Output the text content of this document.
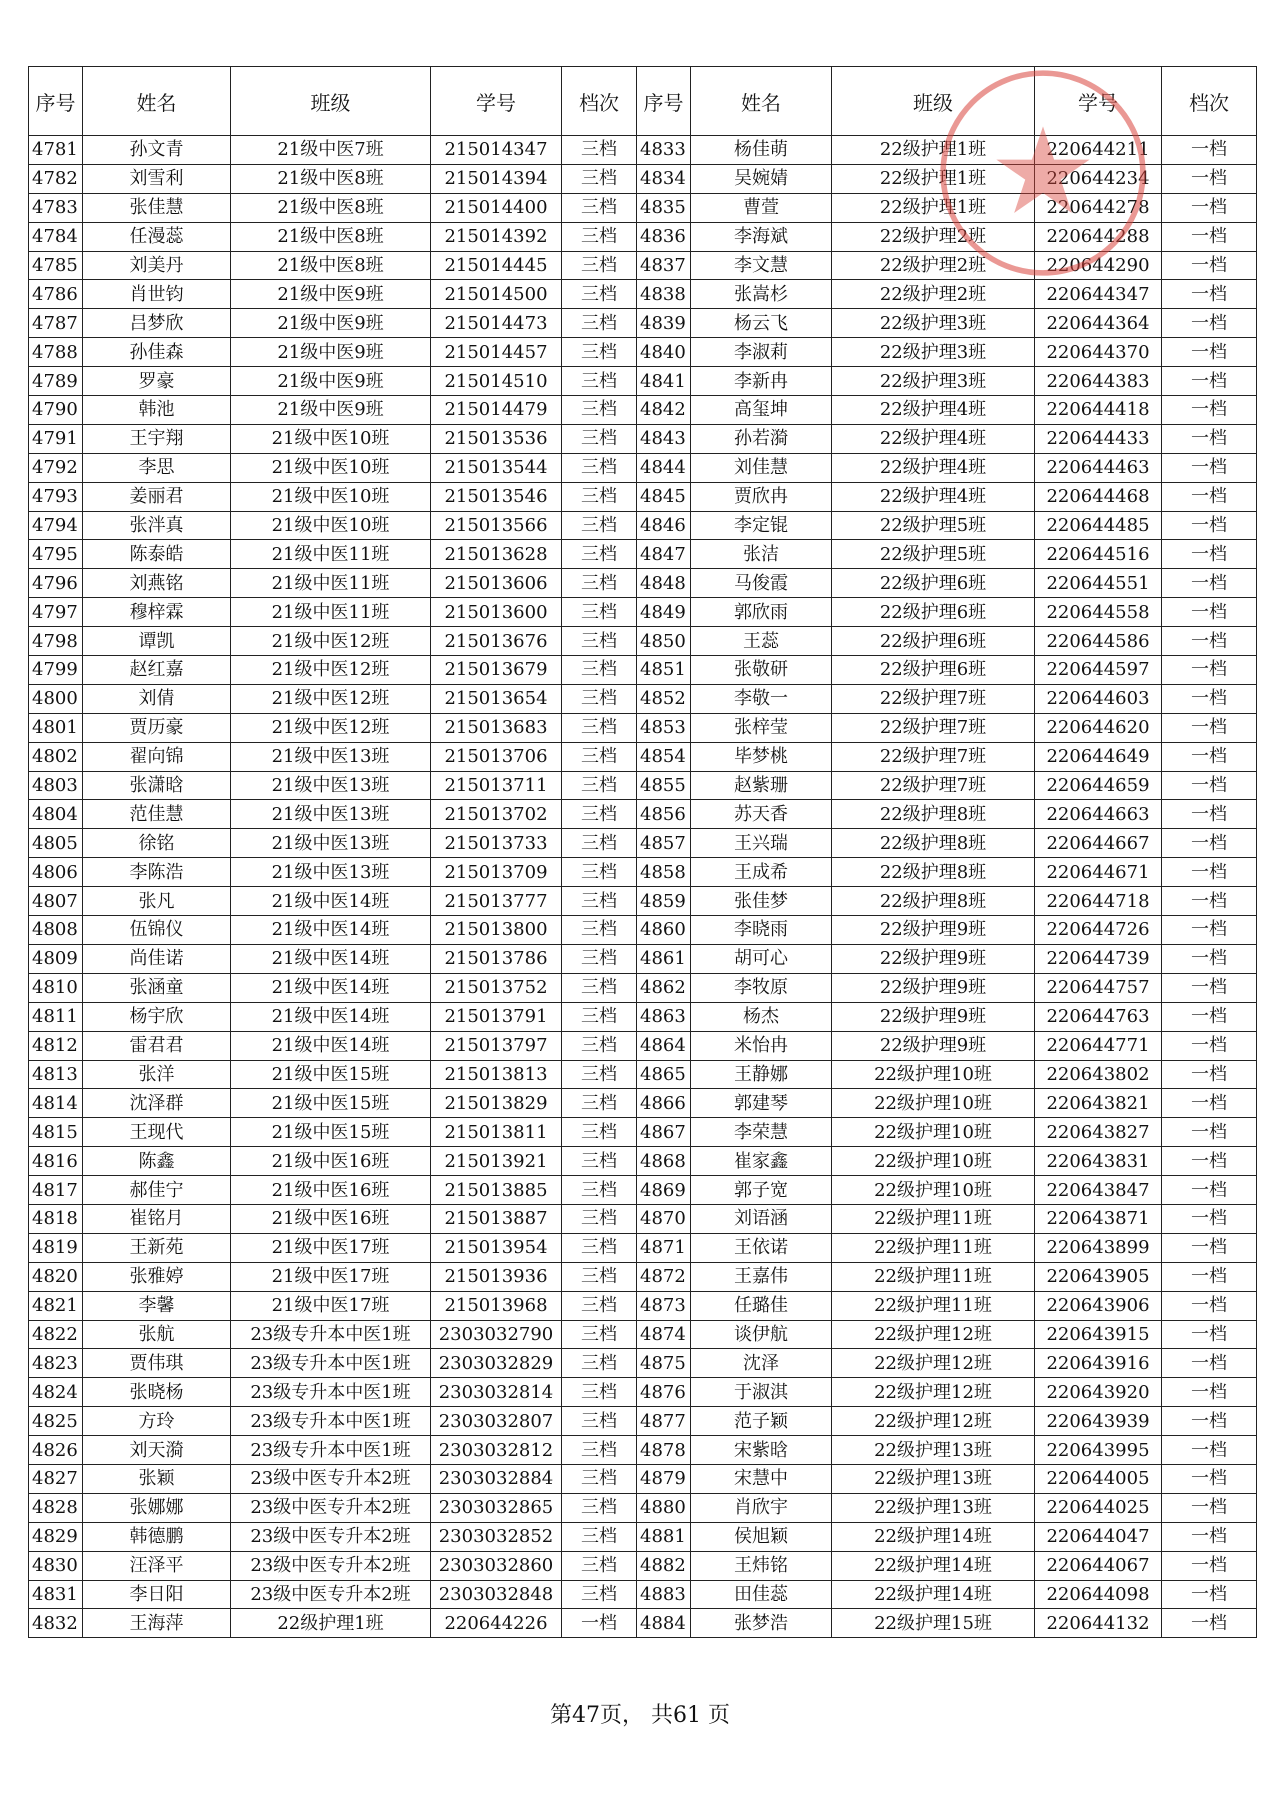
序号	姓名	班级	学号	档次	序号	姓名	班级	学号	档次
4781	孙文青	21级中医7班	215014347	三档	4833	杨佳萌	22级护理1班	220644211	一档
4782	刘雪利	21级中医8班	215014394	三档	4834	吴婉婧	22级护理1班	220644234	一档
4783	张佳慧	21级中医8班	215014400	三档	4835	曹萱	22级护理1班	220644278	一档
4784	任漫蕊	21级中医8班	215014392	三档	4836	李海斌	22级护理2班	220644288	一档
4785	刘美丹	21级中医8班	215014445	三档	4837	李文慧	22级护理2班	220644290	一档
4786	肖世钧	21级中医9班	215014500	三档	4838	张嵩杉	22级护理2班	220644347	一档
4787	吕梦欣	21级中医9班	215014473	三档	4839	杨云飞	22级护理3班	220644364	一档
4788	孙佳森	21级中医9班	215014457	三档	4840	李淑莉	22级护理3班	220644370	一档
4789	罗豪	21级中医9班	215014510	三档	4841	李新冉	22级护理3班	220644383	一档
4790	韩池	21级中医9班	215014479	三档	4842	高玺坤	22级护理4班	220644418	一档
4791	王宇翔	21级中医10班	215013536	三档	4843	孙若漪	22级护理4班	220644433	一档
4792	李思	21级中医10班	215013544	三档	4844	刘佳慧	22级护理4班	220644463	一档
4793	姜丽君	21级中医10班	215013546	三档	4845	贾欣冉	22级护理4班	220644468	一档
4794	张泮真	21级中医10班	215013566	三档	4846	李定锟	22级护理5班	220644485	一档
4795	陈泰皓	21级中医11班	215013628	三档	4847	张洁	22级护理5班	220644516	一档
4796	刘燕铭	21级中医11班	215013606	三档	4848	马俊霞	22级护理6班	220644551	一档
4797	穆梓霖	21级中医11班	215013600	三档	4849	郭欣雨	22级护理6班	220644558	一档
4798	谭凯	21级中医12班	215013676	三档	4850	王蕊	22级护理6班	220644586	一档
4799	赵红嘉	21级中医12班	215013679	三档	4851	张敬研	22级护理6班	220644597	一档
4800	刘倩	21级中医12班	215013654	三档	4852	李敬一	22级护理7班	220644603	一档
4801	贾历豪	21级中医12班	215013683	三档	4853	张梓莹	22级护理7班	220644620	一档
4802	翟向锦	21级中医13班	215013706	三档	4854	毕梦桃	22级护理7班	220644649	一档
4803	张潇晗	21级中医13班	215013711	三档	4855	赵紫珊	22级护理7班	220644659	一档
4804	范佳慧	21级中医13班	215013702	三档	4856	苏天香	22级护理8班	220644663	一档
4805	徐铭	21级中医13班	215013733	三档	4857	王兴瑞	22级护理8班	220644667	一档
4806	李陈浩	21级中医13班	215013709	三档	4858	王成希	22级护理8班	220644671	一档
4807	张凡	21级中医14班	215013777	三档	4859	张佳梦	22级护理8班	220644718	一档
4808	伍锦仪	21级中医14班	215013800	三档	4860	李晓雨	22级护理9班	220644726	一档
4809	尚佳诺	21级中医14班	215013786	三档	4861	胡可心	22级护理9班	220644739	一档
4810	张涵童	21级中医14班	215013752	三档	4862	李牧原	22级护理9班	220644757	一档
4811	杨宇欣	21级中医14班	215013791	三档	4863	杨杰	22级护理9班	220644763	一档
4812	雷君君	21级中医14班	215013797	三档	4864	米怡冉	22级护理9班	220644771	一档
4813	张洋	21级中医15班	215013813	三档	4865	王静娜	22级护理10班	220643802	一档
4814	沈泽群	21级中医15班	215013829	三档	4866	郭建琴	22级护理10班	220643821	一档
4815	王现代	21级中医15班	215013811	三档	4867	李荣慧	22级护理10班	220643827	一档
4816	陈鑫	21级中医16班	215013921	三档	4868	崔家鑫	22级护理10班	220643831	一档
4817	郝佳宁	21级中医16班	215013885	三档	4869	郭子宽	22级护理10班	220643847	一档
4818	崔铭月	21级中医16班	215013887	三档	4870	刘语涵	22级护理11班	220643871	一档
4819	王新苑	21级中医17班	215013954	三档	4871	王依诺	22级护理11班	220643899	一档
4820	张雅婷	21级中医17班	215013936	三档	4872	王嘉伟	22级护理11班	220643905	一档
4821	李馨	21级中医17班	215013968	三档	4873	任璐佳	22级护理11班	220643906	一档
4822	张航	23级专升本中医1班	2303032790	三档	4874	谈伊航	22级护理12班	220643915	一档
4823	贾伟琪	23级专升本中医1班	2303032829	三档	4875	沈泽	22级护理12班	220643916	一档
4824	张晓杨	23级专升本中医1班	2303032814	三档	4876	于淑淇	22级护理12班	220643920	一档
4825	方玲	23级专升本中医1班	2303032807	三档	4877	范子颖	22级护理12班	220643939	一档
4826	刘天漪	23级专升本中医1班	2303032812	三档	4878	宋紫晗	22级护理13班	220643995	一档
4827	张颖	23级中医专升本2班	2303032884	三档	4879	宋慧中	22级护理13班	220644005	一档
4828	张娜娜	23级中医专升本2班	2303032865	三档	4880	肖欣宇	22级护理13班	220644025	一档
4829	韩德鹏	23级中医专升本2班	2303032852	三档	4881	侯旭颖	22级护理14班	220644047	一档
4830	汪泽平	23级中医专升本2班	2303032860	三档	4882	王炜铭	22级护理14班	220644067	一档
4831	李日阳	23级中医专升本2班	2303032848	三档	4883	田佳蕊	22级护理14班	220644098	一档
4832	王海萍	22级护理1班	220644226	一档	4884	张梦浩	22级护理15班	220644132	一档
第47页， 共61 页
